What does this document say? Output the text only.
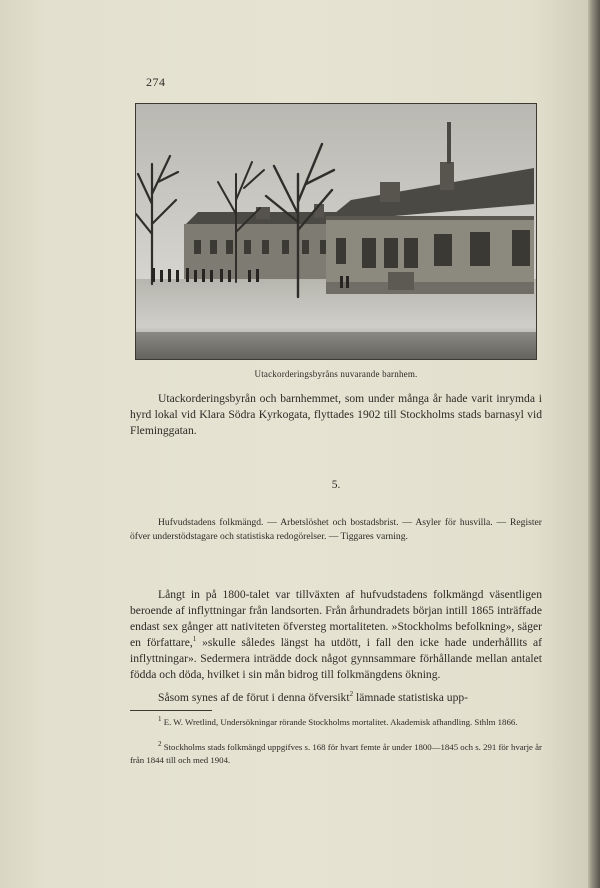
274
Utackorderingsbyråns nuvarande barnhem.

Utackorderingsbyrån och barnhemmet, som under många år hade varit inrymda i hyrd lokal vid Klara Södra Kyrkogata, flyttades 1902 till Stockholms stads barnasyl vid Fleminggatan.

5.

Hufvudstadens folkmängd. — Arbetslöshet och bostadsbrist. — Asyler för husvilla. — Register öfver understödstagare och statistiska redogörelser. — Tiggares varning.

Långt in på 1800-talet var tillväxten af hufvudstadens folkmängd väsentligen beroende af inflyttningar från landsorten. Från århundradets början intill 1865 inträffade endast sex gånger att nativiteten öfversteg mortaliteten. »Stockholms befolkning», säger en författare,$^1$ »skulle således längst ha utdött, i fall den icke hade underhållits af inflyttningar». Sedermera inträdde dock något gynnsammare förhållande mellan antalet födda och döda, hvilket i sin mån bidrog till folkmängdens ökning.

Såsom synes af de förut i denna öfversikt$^2$ lämnade statistiska upp-

$^1$ E. W. Wretlind, Undersökningar rörande Stockholms mortalitet. Akademisk afhandling. Sthlm 1866.

$^2$ Stockholms stads folkmängd uppgifves s. 168 för hvart femte år under 1800—1845 och s. 291 för hvarje år från 1844 till och med 1904.
